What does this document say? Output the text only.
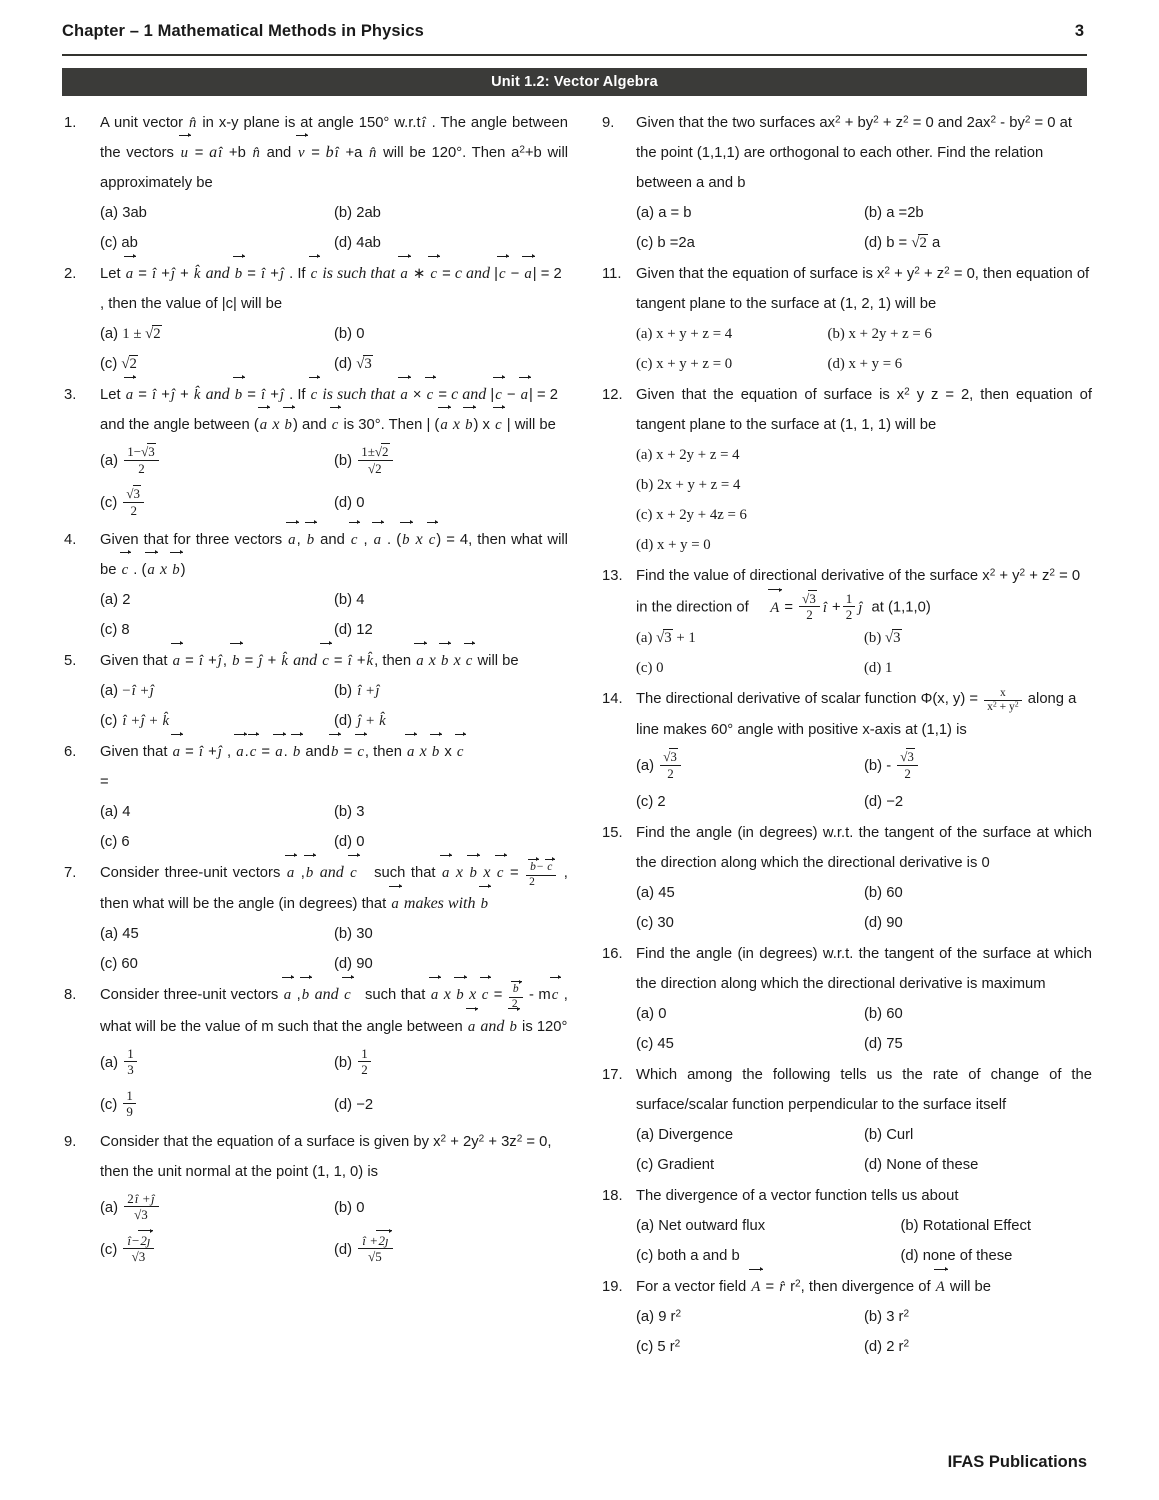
Chapter – 1 Mathematical Methods in Physics	3
Unit 1.2: Vector Algebra
1.	A unit vector n̂ in x-y plane is at angle 150° w.r.tî . The angle between the vectors u = aî +b n̂ and v = bî +a n̂ will be 120°. Then $a^2+b$ will approximately be

(a) 3ab	(b) 2ab
(c) ab	(d) 4ab
2.	Let a = î +ĵ + k̂ and b = î +ĵ . If c is such that a ∗ c = c and |c − a| = 2 , then the value of |c| will be

(a) 1 ± √2	(b) 0
(c) √2	(d) √3
3.	Let a = î +ĵ + k̂ and b = î +ĵ . If c is such that a × c = c and |c − a| = 2 and the angle between (a x b) and c is 30°. Then | (a x b) x c | will be

$(a) \frac{1-√3}{2}$	$(b) \frac{1\pm√2}{√2}$
$(c) \frac{√3}{2}$	(d) 0
4.	Given that for three vectors a, b and c , a . (b x c) = 4, then what will be c . (a x b)

(a) 2	(b) 4
(c) 8	(d) 12
5.	Given that a = î +ĵ, b = ĵ + k̂ and c = î +k̂, then a x b x c will be

(a) −î +ĵ	(b) î +ĵ
(c) î +ĵ + k̂	(d) ĵ + k̂
6.	Given that a = î +ĵ , a.c = a. b andb = c, then a x b x c
=

(a) 4	(b) 3
(c) 6	(d) 0
7.	Consider three-unit vectors a ,b and c   such that a x b x $c = \frac{b- c}{2}$ , then what will be the angle (in degrees) that a makes with b

(a) 45	(b) 30
(c) 60	(d) 90
8.	Consider three-unit vectors a ,b and c   such that a x b x $c = \frac{b}{2}$ - mc , what will be the value of m such that the angle between a and b is 120°

$(a) \frac{1}{3}$	$(b) \frac{1}{2}$
$(c) \frac{1}{9}$	(d) −2
9.	Consider that the equation of a surface is given by $x^2 + 2y^2 + 3z^2 = 0$, then the unit normal at the point (1, 1, 0) is

$(a) \frac{2î +ĵ}{√3}$	(b) 0
$(c) \frac{î-2ȷ}{√3}$	$(d) \frac{î +2ȷ}{√5}$
9.	Given that the two surfaces $ax^2 + by^2 + z^2 = 0$ and $2ax^2 - by^2 = 0$ at the point (1,1,1) are orthogonal to each other. Find the relation between a and b

(a) a = b	(b) a =2b
(c) b =2a	(d) b = √2 a
11. Given that the equation of surface is $x^2 + y^2 + z^2 = 0$, then equation of tangent plane to the surface at (1, 2, 1) will be

(a) x + y + z = 4	(b) x + 2y + z = 6
(c) x + y + z = 0	(d) x + y = 6
12. Given that the equation of surface is $x^2$ y z = 2, then equation of tangent plane to the surface at (1, 1, 1) will be

(a) x + 2y + z = 4
(b) 2x + y + z = 4
(c) x + 2y + 4z = 6
(d) x + y = 0
13. Find the value of directional derivative of the surface $x^2 + y^2 + z^2 = 0$ in the direction of     $A = \frac{√3}{2}$ î + $\frac{1}{2}$ ĵ  at (1,1,0)

(a) √3 + 1	(b) √3
(c) 0	(d) 1
14. The directional derivative of scalar function Φ(x, $y) = \frac{x}{x^2 + y^2}$ along a line makes 60° angle with positive x-axis at (1,1) is

$(a) \frac{√3}{2}$	$(b) - \frac{√3}{2}$
(c) 2	(d) −2
15. Find the angle (in degrees) w.r.t. the tangent of the surface at which the direction along which the directional derivative is 0

(a) 45	(b) 60
(c) 30	(d) 90
16. Find the angle (in degrees) w.r.t. the tangent of the surface at which the direction along which the directional derivative is maximum

(a) 0	(b) 60
(c) 45	(d) 75
17. Which among the following tells us the rate of change of the surface/scalar function perpendicular to the surface itself

(a) Divergence	(b) Curl
(c) Gradient	(d) None of these
18. The divergence of a vector function tells us about

(a) Net outward flux	(b) Rotational Effect
(c) both a and b	(d) none of these
19. For a vector field A = r̂ $r^2$, then divergence of A will be

(a) 9 $r^2$	(b) 3 $r^2$
(c) 5 $r^2$	(d) 2 $r^2$
IFAS Publications
